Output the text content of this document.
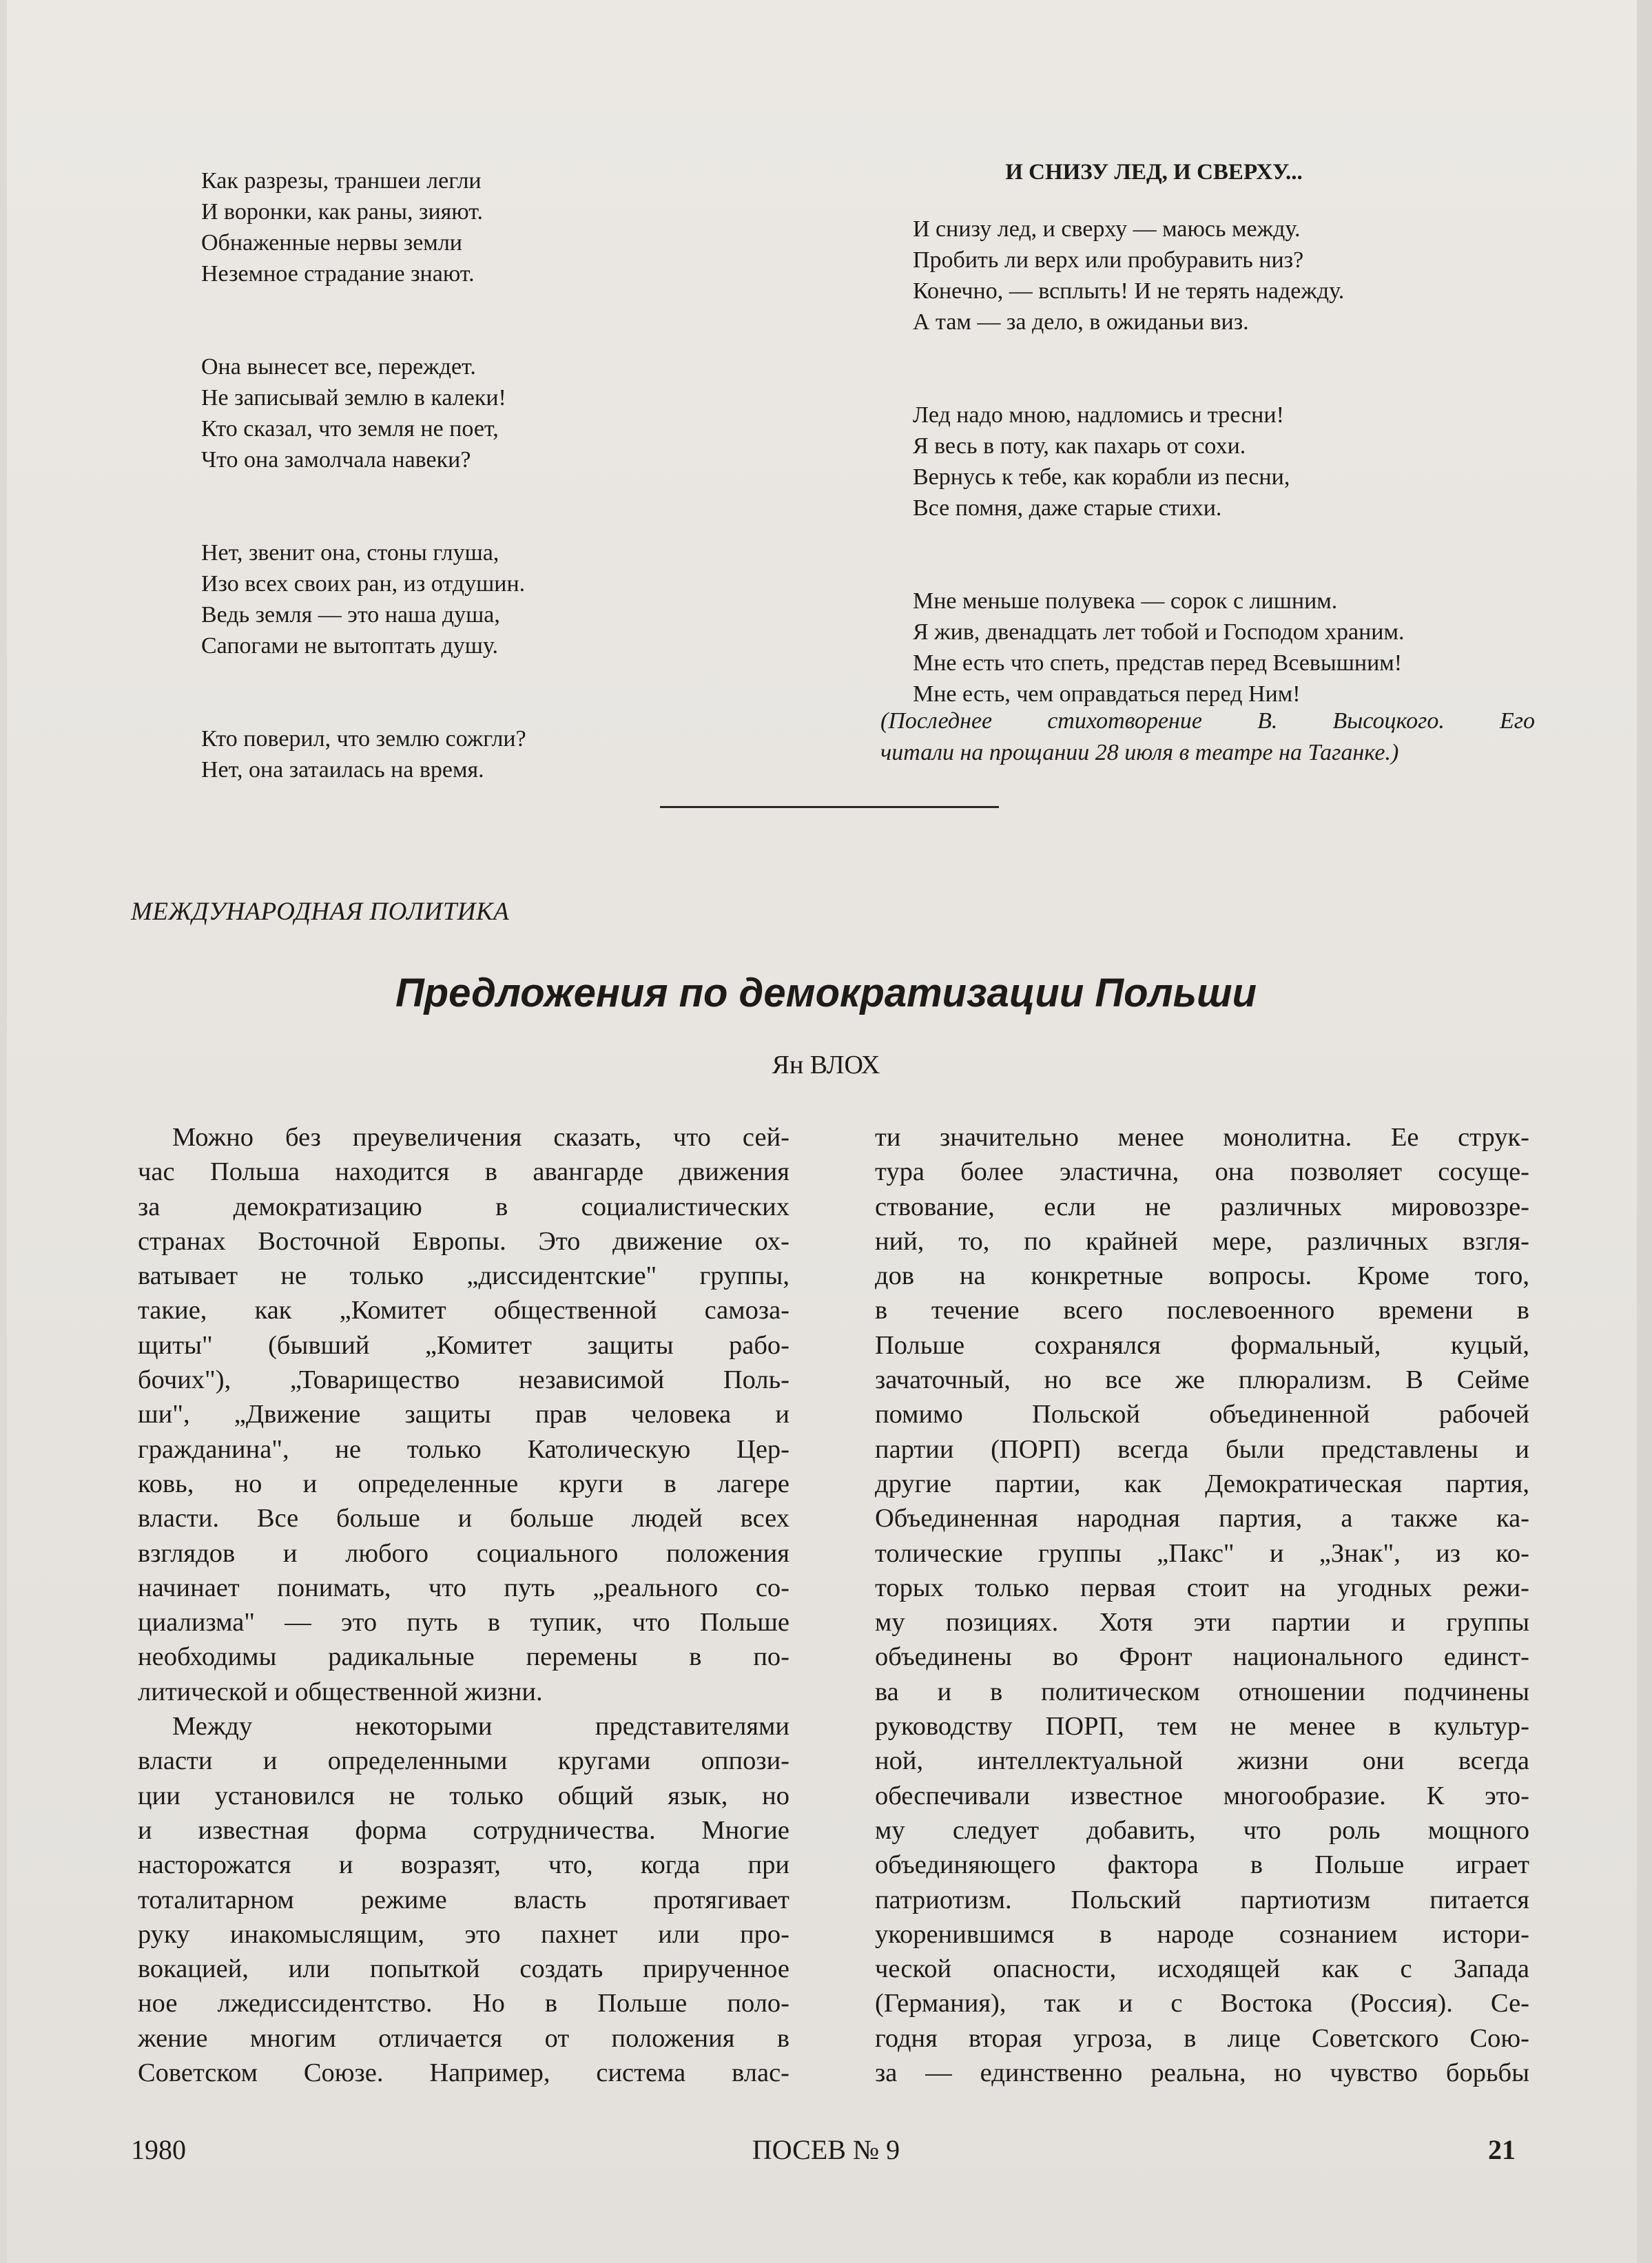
Как разрезы, траншеи легли
И воронки, как раны, зияют.
Обнаженные нервы земли
Неземное страдание знают.
Она вынесет все, переждет.
Не записывай землю в калеки!
Кто сказал, что земля не поет,
Что она замолчала навеки?
Нет, звенит она, стоны глуша,
Изо всех своих ран, из отдушин.
Ведь земля — это наша душа,
Сапогами не вытоптать душу.
Кто поверил, что землю сожгли?
Нет, она затаилась на время.
И СНИЗУ ЛЕД, И СВЕРХУ...
И снизу лед, и сверху — маюсь между.
Пробить ли верх или пробуравить низ?
Конечно, — всплыть! И не терять надежду.
А там — за дело, в ожиданьи виз.
Лед надо мною, надломись и тресни!
Я весь в поту, как пахарь от сохи.
Вернусь к тебе, как корабли из песни,
Все помня, даже старые стихи.
Мне меньше полувека — сорок с лишним.
Я жив, двенадцать лет тобой и Господом храним.
Мне есть что спеть, представ перед Всевышним!
Мне есть, чем оправдаться перед Ним!
(Последнее стихотворение В. Высоцкого. Его
читали на прощании 28 июля в театре на Таганке.)
МЕЖДУНАРОДНАЯ ПОЛИТИКА
Предложения по демократизации Польши
Ян ВЛОХ
Можно без преувеличения сказать, что сей-
час Польша находится в авангарде движения
за демократизацию в социалистических
странах Восточной Европы. Это движение ох-
ватывает не только „диссидентские" группы,
такие, как „Комитет общественной самоза-
щиты" (бывший „Комитет защиты рабо-
бочих"), „Товарищество независимой Поль-
ши", „Движение защиты прав человека и
гражданина", не только Католическую Цер-
ковь, но и определенные круги в лагере
власти. Все больше и больше людей всех
взглядов и любого социального положения
начинает понимать, что путь „реального со-
циализма" — это путь в тупик, что Польше
необходимы радикальные перемены в по-
литической и общественной жизни.
Между некоторыми представителями
власти и определенными кругами оппози-
ции установился не только общий язык, но
и известная форма сотрудничества. Многие
насторожатся и возразят, что, когда при
тоталитарном режиме власть протягивает
руку инакомыслящим, это пахнет или про-
вокацией, или попыткой создать прирученное
ное лжедиссидентство. Но в Польше поло-
жение многим отличается от положения в
Советском Союзе. Например, система влас-
ти значительно менее монолитна. Ее струк-
тура более эластична, она позволяет сосуще-
ствование, если не различных мировоззре-
ний, то, по крайней мере, различных взгля-
дов на конкретные вопросы. Кроме того,
в течение всего послевоенного времени в
Польше сохранялся формальный, куцый,
зачаточный, но все же плюрализм. В Сейме
помимо Польской объединенной рабочей
партии (ПОРП) всегда были представлены и
другие партии, как Демократическая партия,
Объединенная народная партия, а также ка-
толические группы „Пакс" и „Знак", из ко-
торых только первая стоит на угодных режи-
му позициях. Хотя эти партии и группы
объединены во Фронт национального единст-
ва и в политическом отношении подчинены
руководству ПОРП, тем не менее в культур-
ной, интеллектуальной жизни они всегда
обеспечивали известное многообразие. К это-
му следует добавить, что роль мощного
объединяющего фактора в Польше играет
патриотизм. Польский партиотизм питается
укоренившимся в народе сознанием истори-
ческой опасности, исходящей как с Запада
(Германия), так и с Востока (Россия). Се-
годня вторая угроза, в лице Советского Сою-
за — единственно реальна, но чувство борьбы
1980	ПОСЕВ № 9	21
